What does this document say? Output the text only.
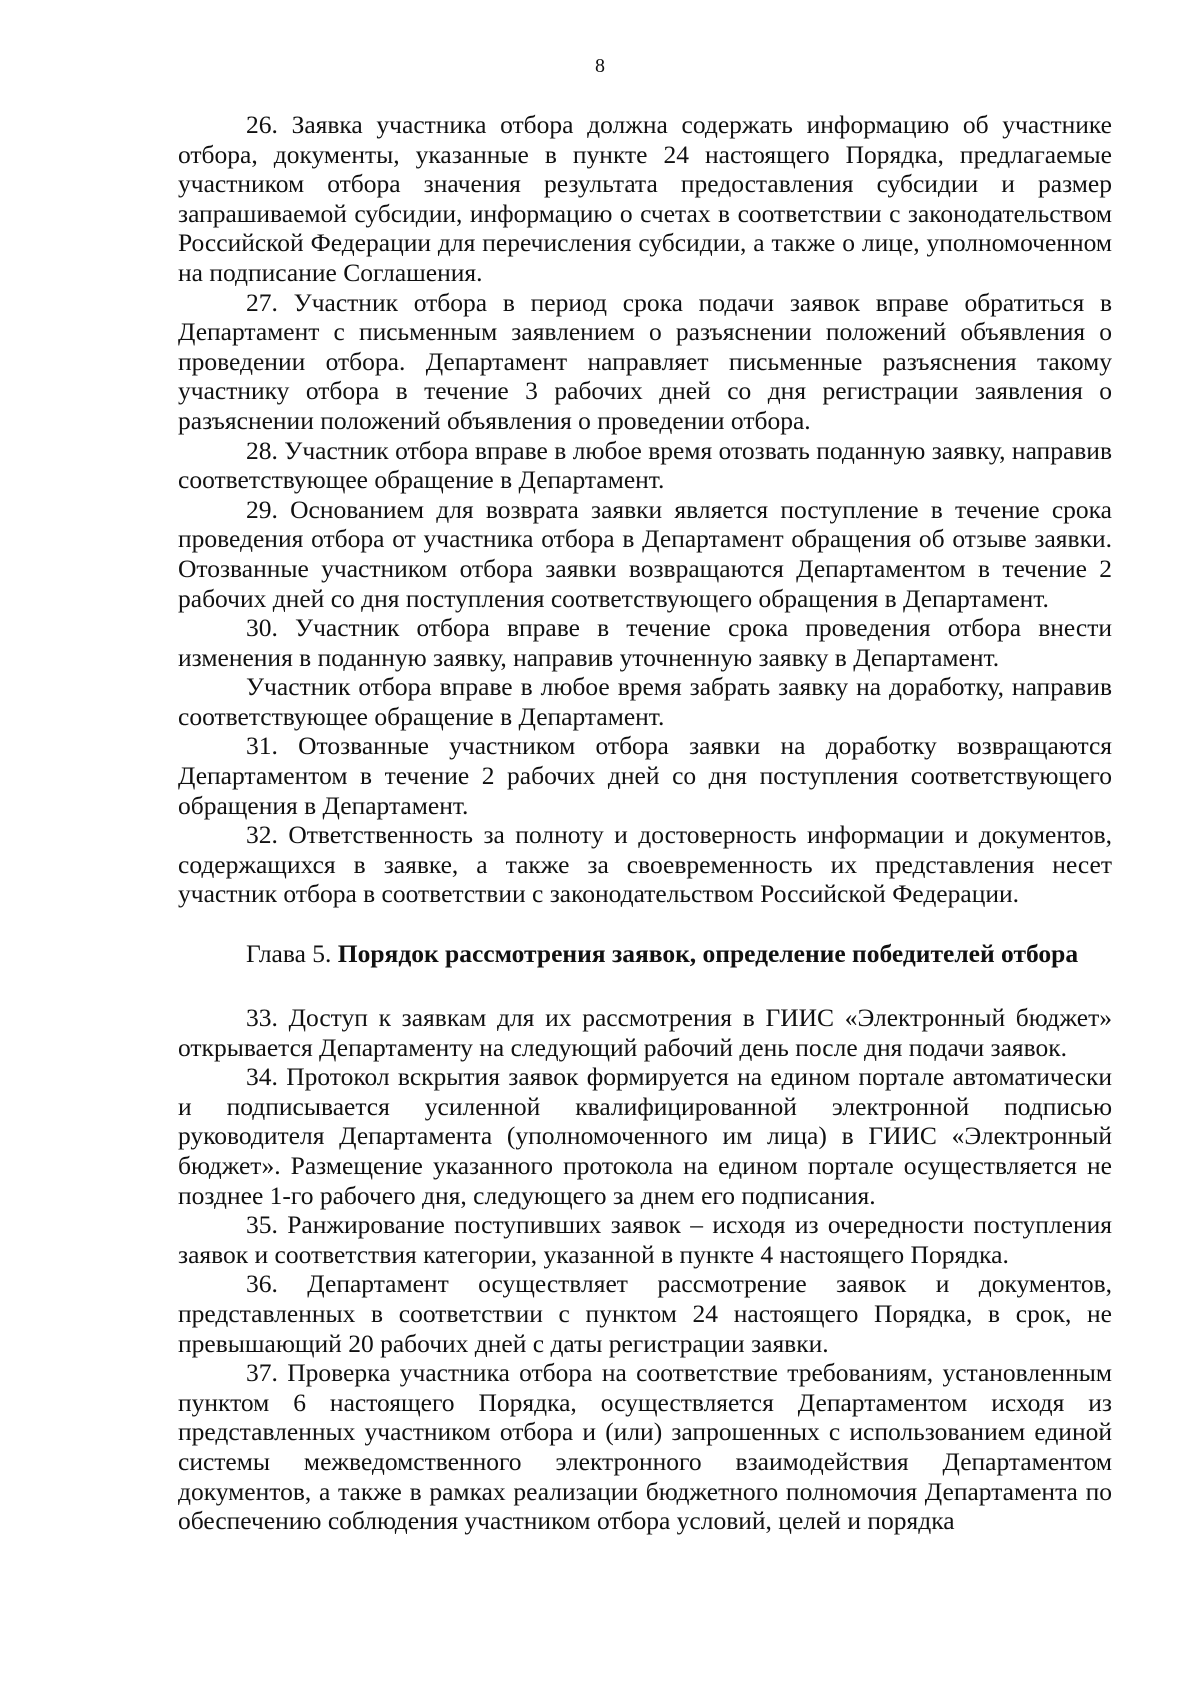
8

26. Заявка участника отбора должна содержать информацию об участнике отбора, документы, указанные в пункте 24 настоящего Порядка, предлагаемые участником отбора значения результата предоставления субсидии и размер запрашиваемой субсидии, информацию о счетах в соответствии с законодательством Российской Федерации для перечисления субсидии, а также о лице, уполномоченном на подписание Соглашения.

27. Участник отбора в период срока подачи заявок вправе обратиться в Департамент с письменным заявлением о разъяснении положений объявления о проведении отбора. Департамент направляет письменные разъяснения такому участнику отбора в течение 3 рабочих дней со дня регистрации заявления о разъяснении положений объявления о проведении отбора.

28. Участник отбора вправе в любое время отозвать поданную заявку, направив соответствующее обращение в Департамент.

29. Основанием для возврата заявки является поступление в течение срока проведения отбора от участника отбора в Департамент обращения об отзыве заявки. Отозванные участником отбора заявки возвращаются Департаментом в течение 2 рабочих дней со дня поступления соответствующего обращения в Департамент.

30. Участник отбора вправе в течение срока проведения отбора внести изменения в поданную заявку, направив уточненную заявку в Департамент.

Участник отбора вправе в любое время забрать заявку на доработку, направив соответствующее обращение в Департамент.

31. Отозванные участником отбора заявки на доработку возвращаются Департаментом в течение 2 рабочих дней со дня поступления соответствующего обращения в Департамент.

32. Ответственность за полноту и достоверность информации и документов, содержащихся в заявке, а также за своевременность их представления несет участник отбора в соответствии с законодательством Российской Федерации.

Глава 5. Порядок рассмотрения заявок, определение победителей отбора

33. Доступ к заявкам для их рассмотрения в ГИИС «Электронный бюджет» открывается Департаменту на следующий рабочий день после дня подачи заявок.

34. Протокол вскрытия заявок формируется на едином портале автоматически и подписывается усиленной квалифицированной электронной подписью руководителя Департамента (уполномоченного им лица) в ГИИС «Электронный бюджет». Размещение указанного протокола на едином портале осуществляется не позднее 1-го рабочего дня, следующего за днем его подписания.

35. Ранжирование поступивших заявок – исходя из очередности поступления заявок и соответствия категории, указанной в пункте 4 настоящего Порядка.

36. Департамент осуществляет рассмотрение заявок и документов, представленных в соответствии с пунктом 24 настоящего Порядка, в срок, не превышающий 20 рабочих дней с даты регистрации заявки.

37. Проверка участника отбора на соответствие требованиям, установленным пунктом 6 настоящего Порядка, осуществляется Департаментом исходя из представленных участником отбора и (или) запрошенных с использованием единой системы межведомственного электронного взаимодействия Департаментом документов, а также в рамках реализации бюджетного полномочия Департамента по обеспечению соблюдения участником отбора условий, целей и порядка
